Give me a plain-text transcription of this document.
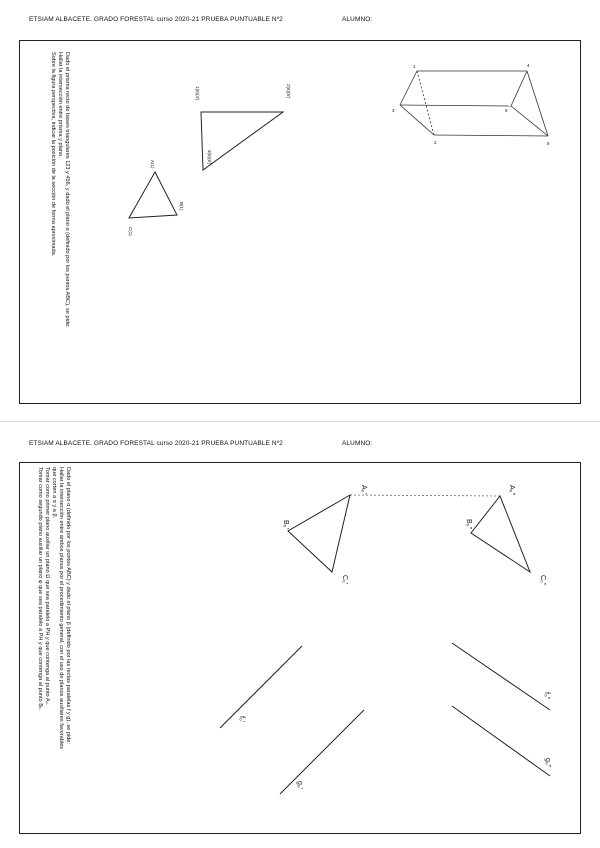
ETSIAM ALBACETE. GRADO FORESTAL curso 2020-21 PRUEBA PUNTUABLE Nº2	ALUMNO:
Dado el prisma recto de bases triangulares 123 y 456, y dado el plano α (definido por los puntos ABC), se pide:
Hallar la intersección entre prisma y plano.
Sobre la figura perspectiva, indicar la posición de la sección de forma aproximada.	1(6)(4')	2(6)(5')
3(5)(6')
A(1)
B(1)
C(1)
1	4
3	6
2	5
A₀'
B₀'
C₀'
A₀''
B₀''
C₀''
f₀'
g₀'
f₀''
g₀''
ETSIAM ALBACETE. GRADO FORESTAL curso 2020-21 PRUEBA PUNTUABLE Nº2	ALUMNO:
Dado el plano α (definido por los puntos ABC) y dado el plano β (definido por las rectas paralelas f y g), se pide:
Hallar la intersección entre ambos planos por el procedimiento general, con el uso de planos auxiliares favorables
que corten a α y a β.
Tomar como primer plano auxiliar un plano Ω que sea paralelo a PH y que contenga al punto A₀.
Tomar como segundo plano auxiliar un plano φ que sea paralelo a PH y que contenga al punto B₀.
